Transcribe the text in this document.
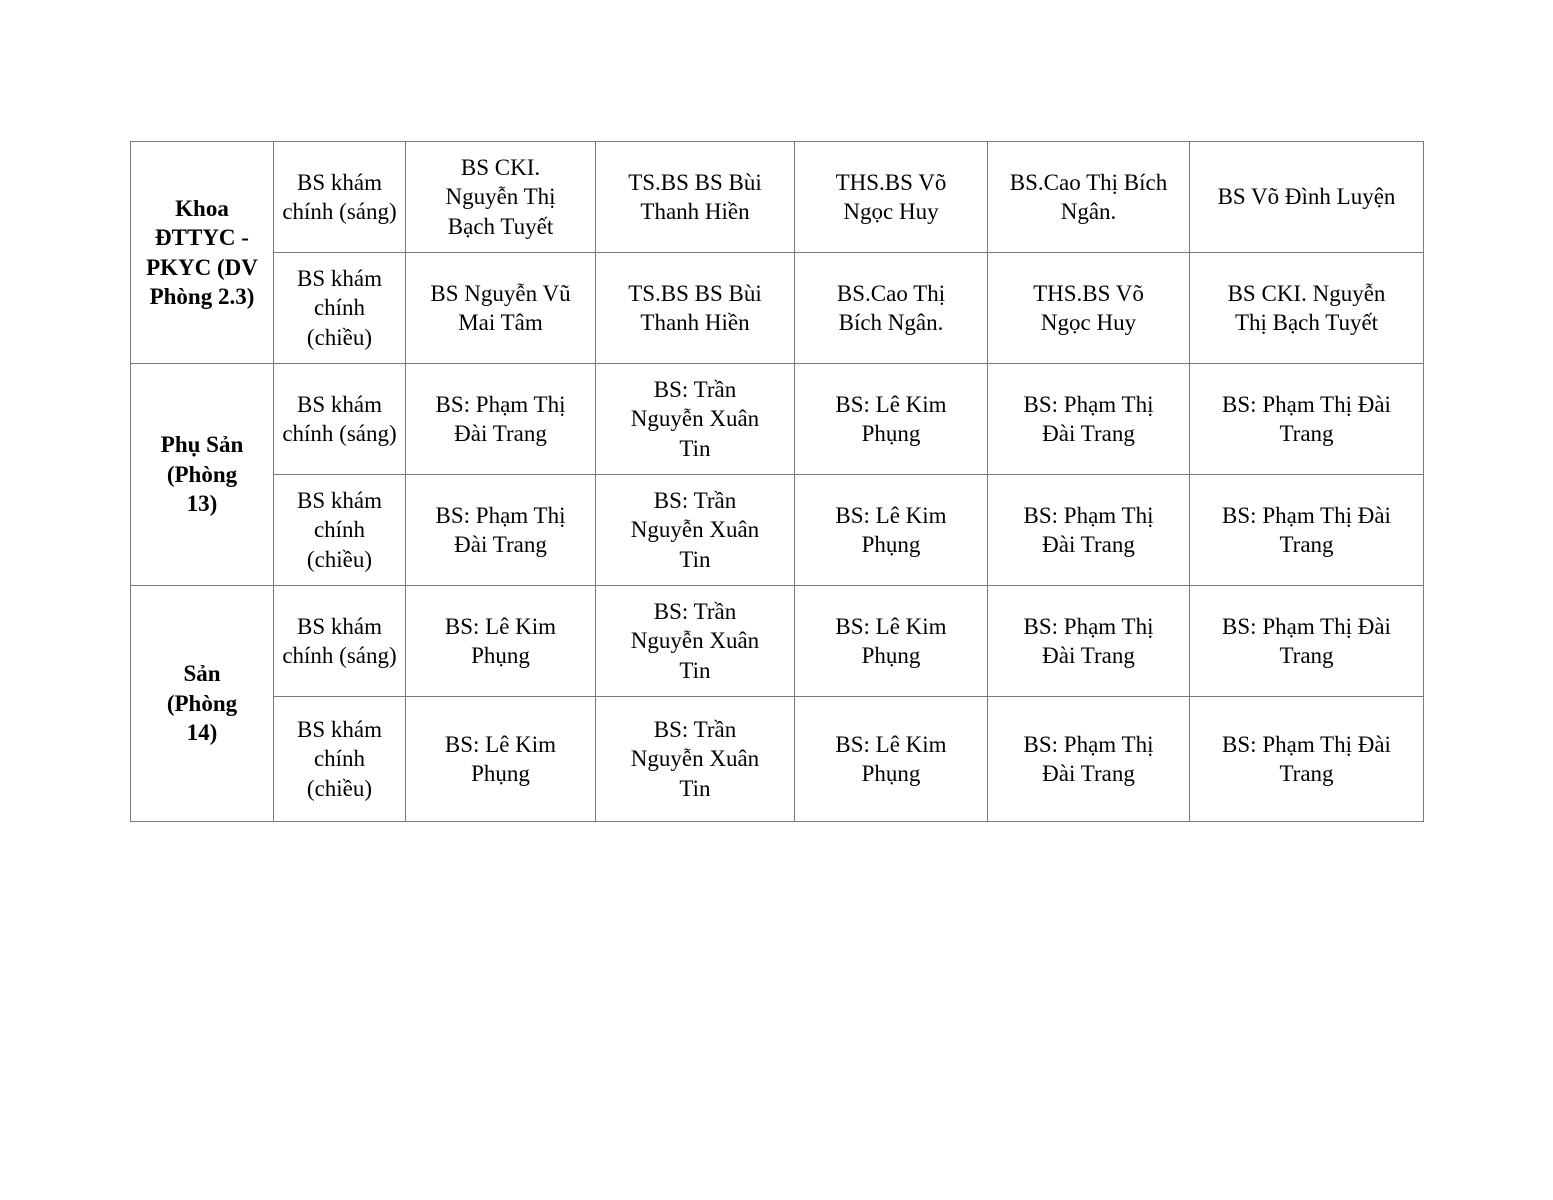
Khoa ĐTTYC - PKYC (DV Phòng 2.3)	BS khám chính (sáng)	BS CKI. Nguyễn Thị Bạch Tuyết	TS.BS BS Bùi Thanh Hiền	THS.BS Võ Ngọc Huy	BS.Cao Thị Bích Ngân.	BS Võ Đình Luyện
	BS khám chính (chiều)	BS Nguyễn Vũ Mai Tâm	TS.BS BS Bùi Thanh Hiền	BS.Cao Thị Bích Ngân.	THS.BS Võ Ngọc Huy	BS CKI. Nguyễn Thị Bạch Tuyết
Phụ Sản (Phòng 13)	BS khám chính (sáng)	BS: Phạm Thị Đài Trang	BS: Trần Nguyễn Xuân Tin	BS: Lê Kim Phụng	BS: Phạm Thị Đài Trang	BS: Phạm Thị Đài Trang
	BS khám chính (chiều)	BS: Phạm Thị Đài Trang	BS: Trần Nguyễn Xuân Tin	BS: Lê Kim Phụng	BS: Phạm Thị Đài Trang	BS: Phạm Thị Đài Trang
Sản (Phòng 14)	BS khám chính (sáng)	BS: Lê Kim Phụng	BS: Trần Nguyễn Xuân Tin	BS: Lê Kim Phụng	BS: Phạm Thị Đài Trang	BS: Phạm Thị Đài Trang
	BS khám chính (chiều)	BS: Lê Kim Phụng	BS: Trần Nguyễn Xuân Tin	BS: Lê Kim Phụng	BS: Phạm Thị Đài Trang	BS: Phạm Thị Đài Trang
